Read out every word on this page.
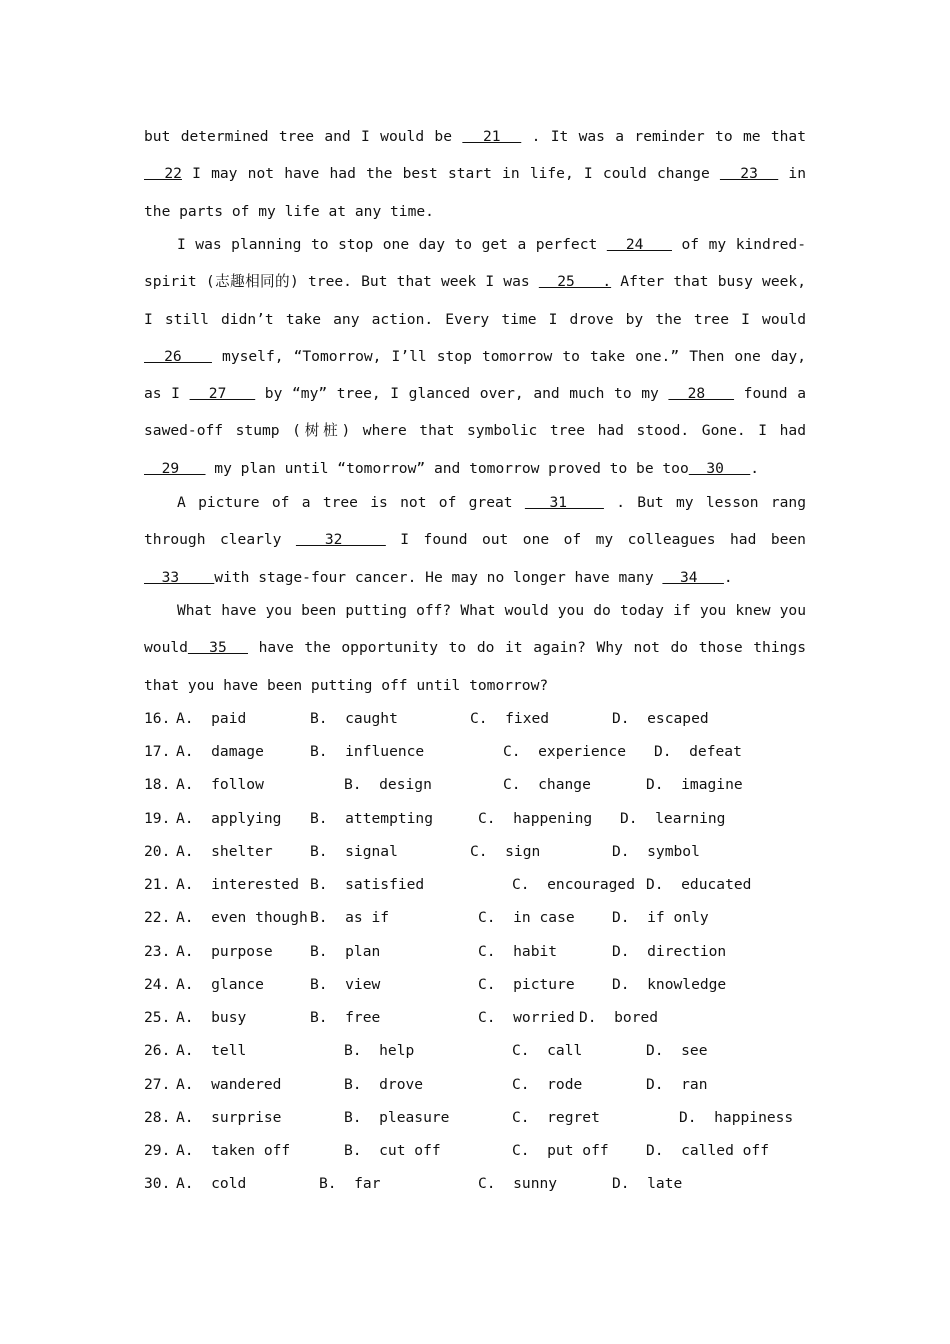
but determined tree and I would be   21   . It was a reminder to me that   22 I may not have had the best start in life, I could change   23   in the parts of my life at any time.
I was planning to stop one day to get a perfect   24    of my kindred-spirit (志趣相同的) tree. But that week I was   25   . After that busy week, I still didn’t take any action. Every time I drove by the tree I would   26    myself, “Tomorrow, I’ll stop tomorrow to take one.” Then one day, as I   27    by “my” tree, I glanced over, and much to my   28    found a sawed-off stump (树桩) where that symbolic tree had stood. Gone. I had   29    my plan until “tomorrow” and tomorrow proved to be too  30   .
A picture of a tree is not of great   31    . But my lesson rang through clearly   32    I found out one of my colleagues had been   33    with stage-four cancer. He may no longer have many   34   .
What have you been putting off? What would you do today if you knew you would  35   have the opportunity to do it again? Why not do those things that you have been putting off until tomorrow?
16. A.  paid	B.  caught	C.  fixed	D.  escaped
17. A.  damage	B.  influence	C.  experience D.  defeat
18. A.  follow	B.  design	C.  change	D.  imagine
19. A.  applying B.  attempting	C.  happening D.  learning
20. A.  shelter	B.  signal	C.  sign	D.  symbol
21. A.  interested B.  satisfied	C.  encouraged D.  educated
22. A.  even though B.  as if	C.  in case	D.  if only
23. A.  purpose	B.  plan	C.  habit	D.  direction
24. A.  glance	B.  view	C.  picture	D.  knowledge
25. A.  busy	B.  free	C.  worried D.  bored
26. A.  tell	B.  help	C.  call	D.  see
27. A.  wandered	B.  drove	C.  rode	D.  ran
28. A.  surprise	B.  pleasure	C.  regret	D.  happiness
29. A.  taken off	B.  cut off	C.  put off	D.  called off
30. A.  cold	B.  far	C.  sunny	D.  late
